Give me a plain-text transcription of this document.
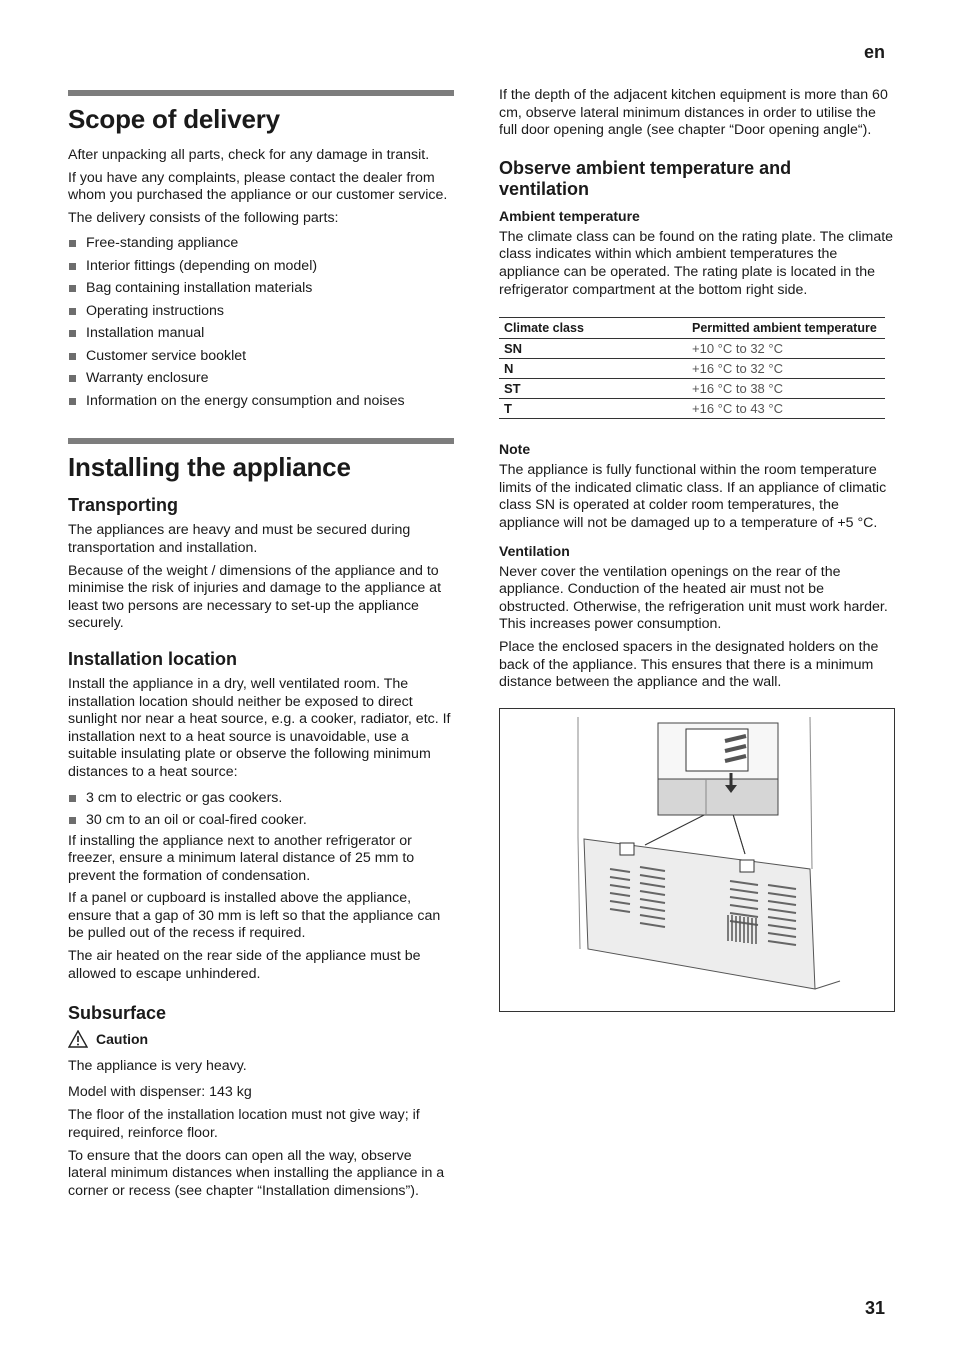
en
Scope of delivery

After unpacking all parts, check for any damage in transit.

If you have any complaints, please contact the dealer from whom you purchased the appliance or our customer service.

The delivery consists of the following parts:

Free-standing appliance
Interior fittings (depending on model)
Bag containing installation materials
Operating instructions
Installation manual
Customer service booklet
Warranty enclosure
Information on the energy consumption and noises
Installing the appliance
Transporting

The appliances are heavy and must be secured during transportation and installation.

Because of the weight / dimensions of the appliance and to minimise the risk of injuries and damage to the appliance at least two persons are necessary to set-up the appliance securely.

Installation location

Install the appliance in a dry, well ventilated room. The installation location should neither be exposed to direct sunlight nor near a heat source, e.g. a cooker, radiator, etc. If installation next to a heat source is unavoidable, use a suitable insulating plate or observe the following minimum distances to a heat source:

3 cm to electric or gas cookers.
30 cm to an oil or coal-fired cooker.

If installing the appliance next to another refrigerator or freezer, ensure a minimum lateral distance of 25 mm to prevent the formation of condensation.

If a panel or cupboard is installed above the appliance, ensure that a gap of 30 mm is left so that the appliance can be pulled out of the recess if required.

The air heated on the rear side of the appliance must be allowed to escape unhindered.

Subsurface
Caution

The appliance is very heavy.

Model with dispenser: 143 kg

The floor of the installation location must not give way; if required, reinforce floor.

To ensure that the doors can open all the way, observe lateral minimum distances when installing the appliance in a corner or recess (see chapter “Installation dimensions”).

If the depth of the adjacent kitchen equipment is more than 60 cm, observe lateral minimum distances in order to utilise the full door opening angle (see chapter “Door opening angle“).

Observe ambient temperature and ventilation
Ambient temperature

The climate class can be found on the rating plate. The climate class indicates within which ambient temperatures the appliance can be operated. The rating plate is located in the refrigerator compartment at the bottom right side.

Climate class	Permitted ambient temperature
SN	+10 °C to 32 °C
N	+16 °C to 32 °C
ST	+16 °C to 38 °C
T	+16 °C to 43 °C
Note

The appliance is fully functional within the room temperature limits of the indicated climatic class. If an appliance of climatic class SN is operated at colder room temperatures, the appliance will not be damaged up to a temperature of +5 °C.

Ventilation

Never cover the ventilation openings on the rear of the appliance. Conduction of the heated air must not be obstructed. Otherwise, the refrigeration unit must work harder. This increases power consumption.

Place the enclosed spacers in the designated holders on the back of the appliance. This ensures that there is a minimum distance between the appliance and the wall.

31
